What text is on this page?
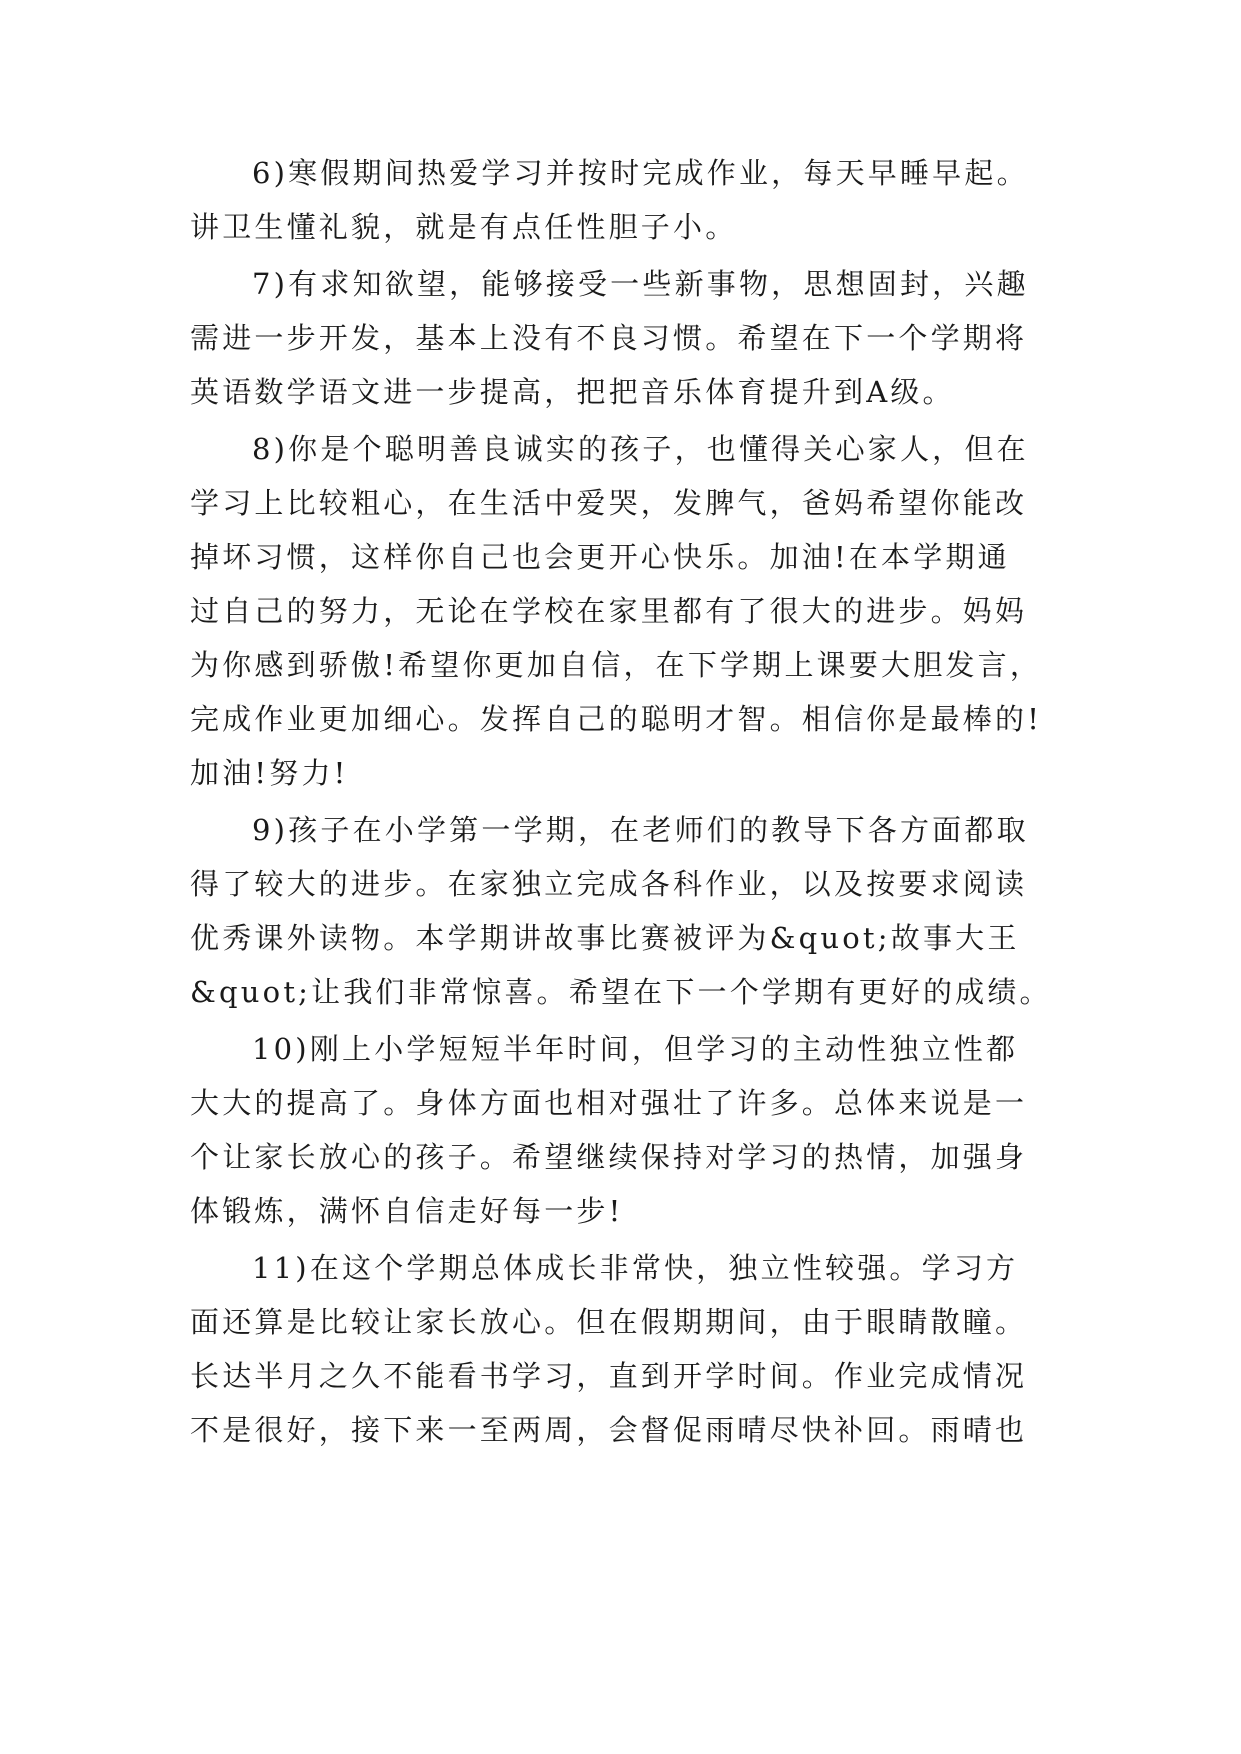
6)寒假期间热爱学习并按时完成作业，每天早睡早起。
讲卫生懂礼貌，就是有点任性胆子小。
7)有求知欲望，能够接受一些新事物，思想固封，兴趣
需进一步开发，基本上没有不良习惯。希望在下一个学期将
英语数学语文进一步提高，把把音乐体育提升到A级。
8)你是个聪明善良诚实的孩子，也懂得关心家人，但在
学习上比较粗心，在生活中爱哭，发脾气，爸妈希望你能改
掉坏习惯，这样你自己也会更开心快乐。加油!在本学期通
过自己的努力，无论在学校在家里都有了很大的进步。妈妈
为你感到骄傲!希望你更加自信，在下学期上课要大胆发言，
完成作业更加细心。发挥自己的聪明才智。相信你是最棒的!
加油!努力!
9)孩子在小学第一学期，在老师们的教导下各方面都取
得了较大的进步。在家独立完成各科作业，以及按要求阅读
优秀课外读物。本学期讲故事比赛被评为&quot;故事大王
&quot;让我们非常惊喜。希望在下一个学期有更好的成绩。
10)刚上小学短短半年时间，但学习的主动性独立性都
大大的提高了。身体方面也相对强壮了许多。总体来说是一
个让家长放心的孩子。希望继续保持对学习的热情，加强身
体锻炼，满怀自信走好每一步!
11)在这个学期总体成长非常快，独立性较强。学习方
面还算是比较让家长放心。但在假期期间，由于眼睛散瞳。
长达半月之久不能看书学习，直到开学时间。作业完成情况
不是很好，接下来一至两周，会督促雨晴尽快补回。雨晴也
